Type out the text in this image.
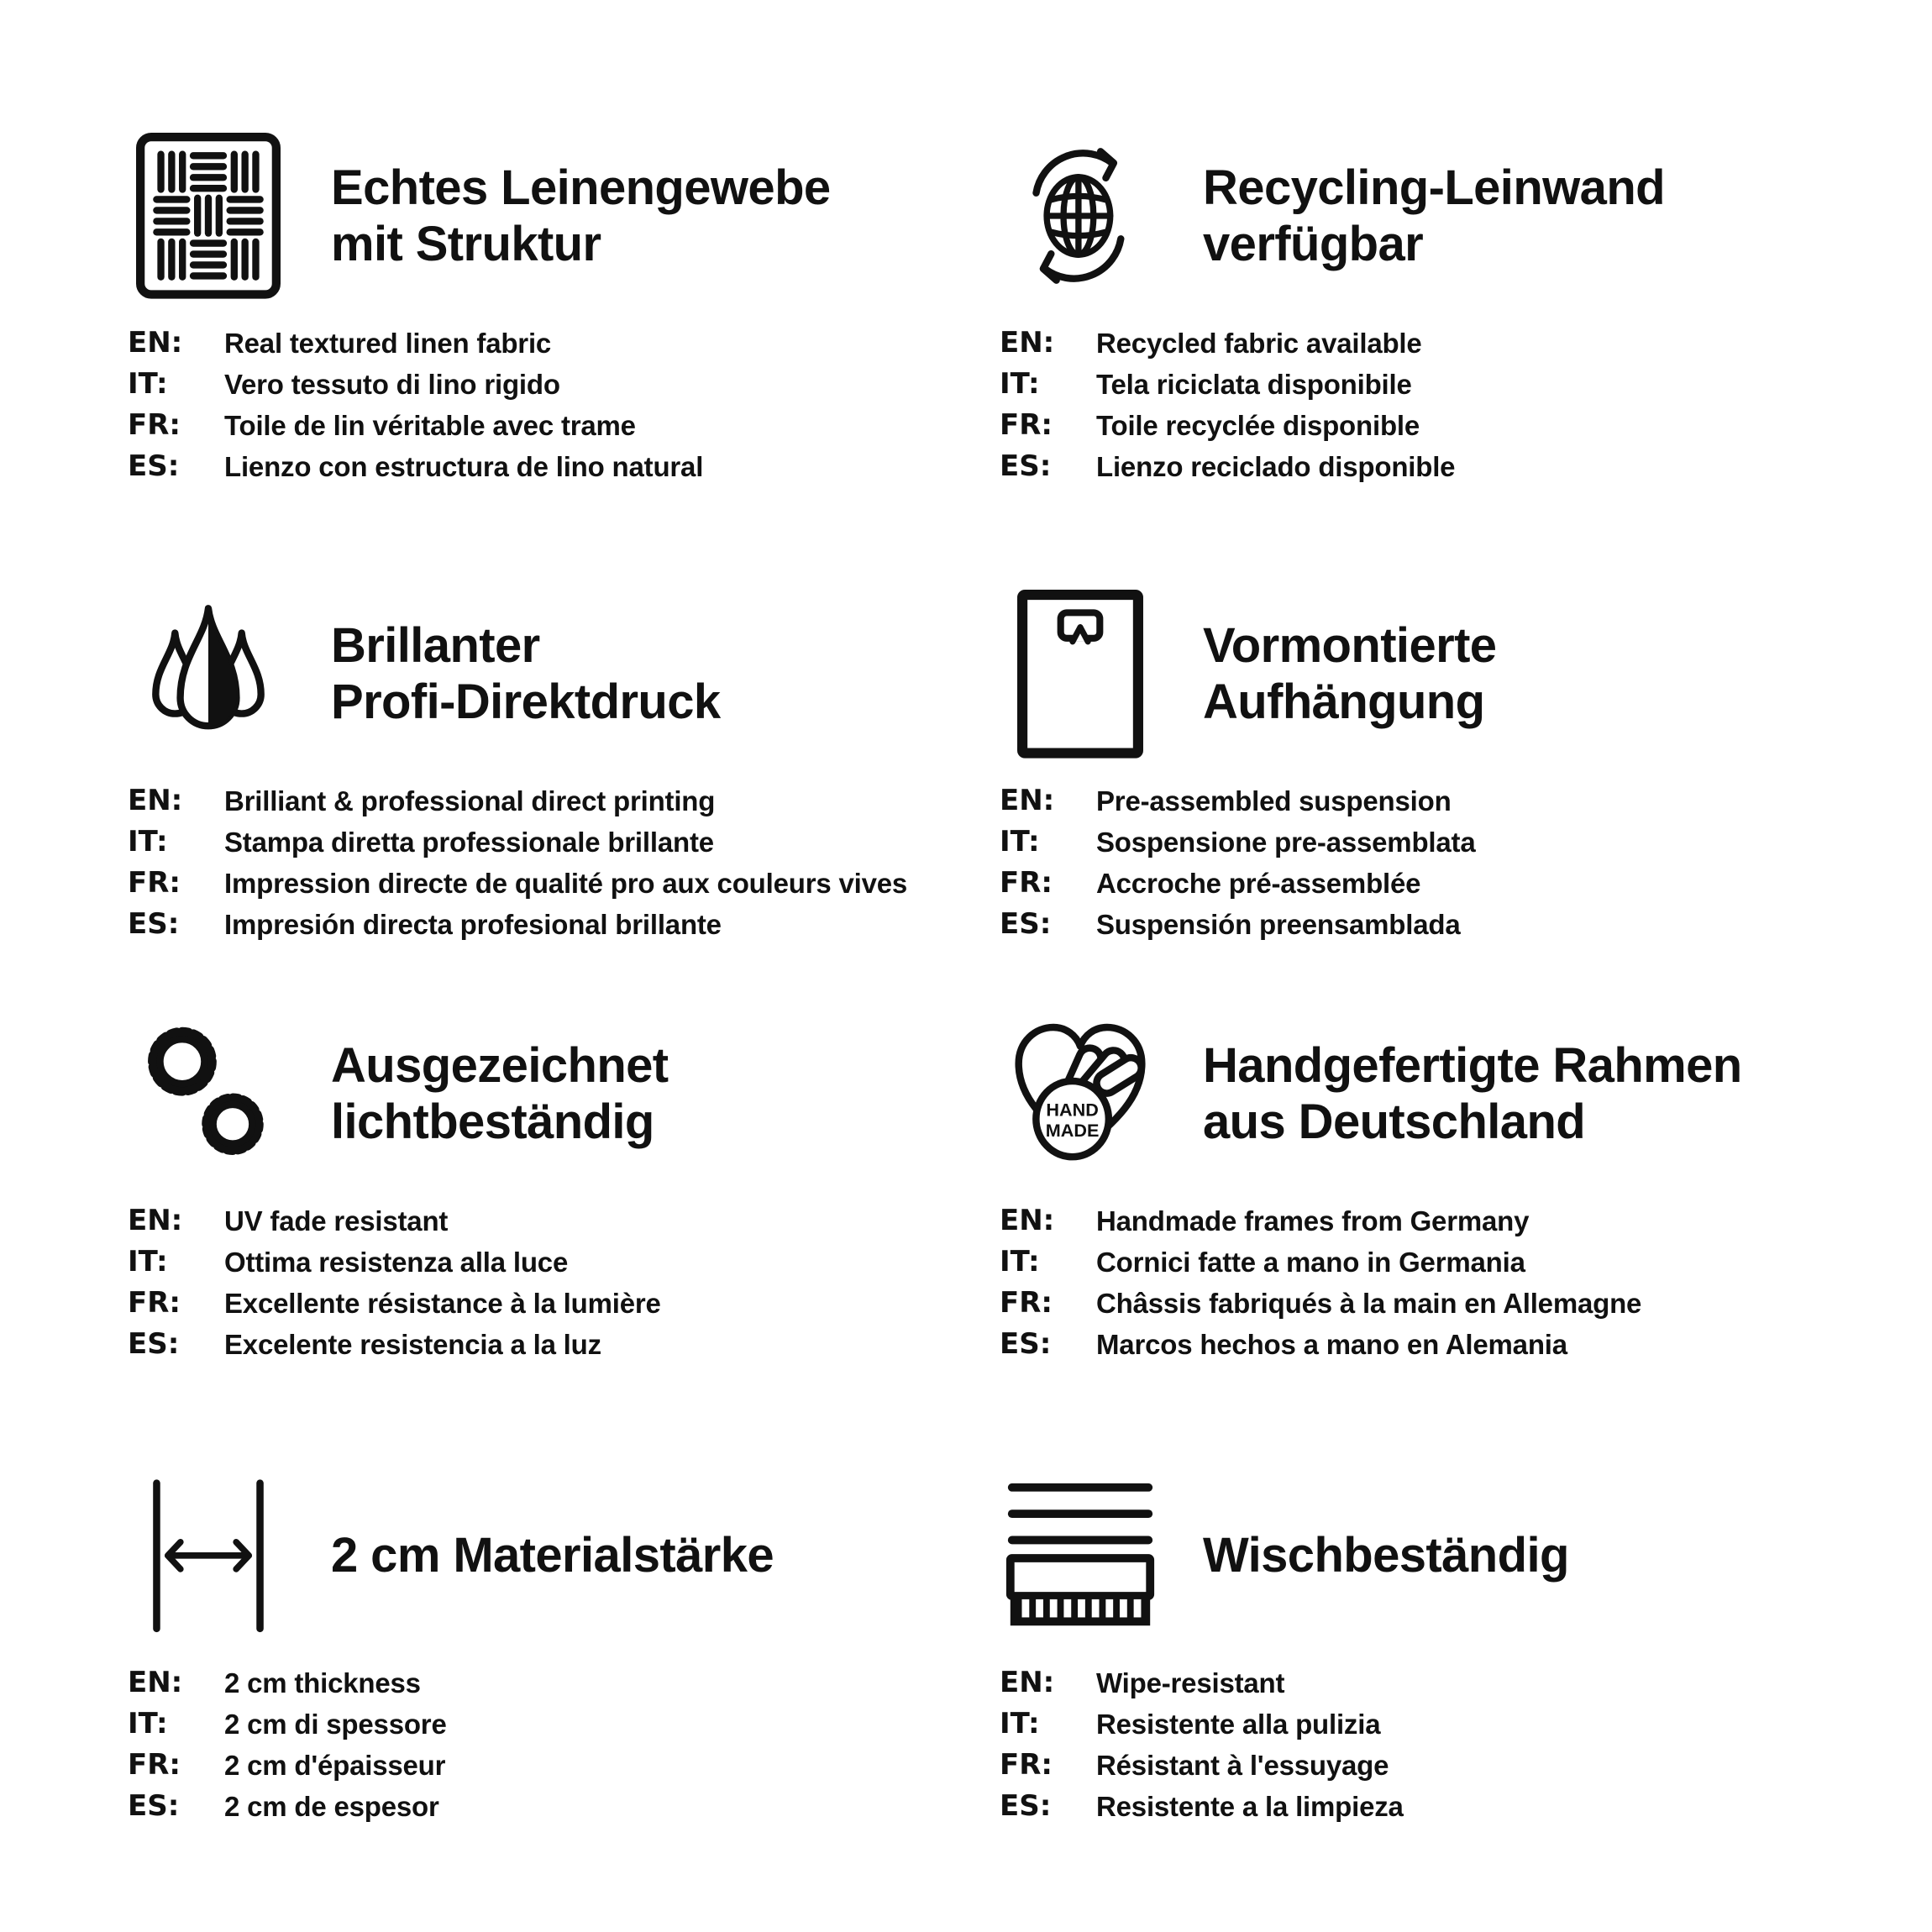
Echtes Leinengewebe
mit Struktur
EN:	Real textured linen fabric
IT:	Vero tessuto di lino rigido
FR:	Toile de lin véritable avec trame
ES:	Lienzo con estructura de lino natural
Recycling-Leinwand
verfügbar
EN:	Recycled fabric available
IT:	Tela riciclata disponibile
FR:	Toile recyclée disponible
ES:	Lienzo reciclado disponible
Brillanter
Profi-Direktdruck
EN:	Brilliant & professional direct printing
IT:	Stampa diretta professionale brillante
FR:	Impression directe de qualité pro aux couleurs vives
ES:	Impresión directa profesional brillante
Vormontierte
Aufhängung
EN:	Pre-assembled suspension
IT:	Sospensione pre-assemblata
FR:	Accroche pré-assemblée
ES:	Suspensión preensamblada
Ausgezeichnet
lichtbeständig
EN:	UV fade resistant
IT:	Ottima resistenza alla luce
FR:	Excellente résistance à la lumière
ES:	Excelente resistencia a la luz
HAND
MADE
Handgefertigte Rahmen
aus Deutschland
EN:	Handmade frames from Germany
IT:	Cornici fatte a mano in Germania
FR:	Châssis fabriqués à la main en Allemagne
ES:	Marcos hechos a mano en Alemania
2 cm Materialstärke
EN:	2 cm thickness
IT:	2 cm di spessore
FR:	2 cm d'épaisseur
ES:	2 cm de espesor
Wischbeständig
EN:	Wipe-resistant
IT:	Resistente alla pulizia
FR:	Résistant à l'essuyage
ES:	Resistente a la limpieza
